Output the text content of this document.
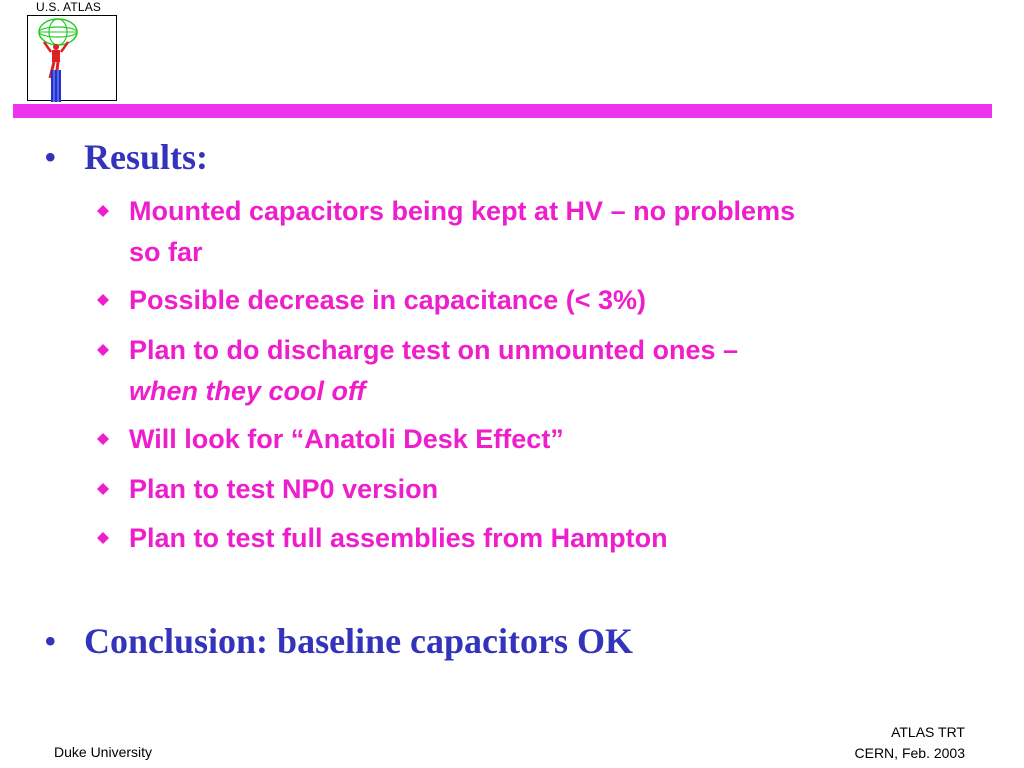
U.S. ATLAS
• Results:
Mounted capacitors being kept at HV – no problems so far
Possible decrease in capacitance (< 3%)
Plan to do discharge test on unmounted ones –
when they cool off
Will look for “Anatoli Desk Effect”
Plan to test NP0 version
Plan to test full assemblies from Hampton
• Conclusion: baseline capacitors OK
Duke University
ATLAS TRT
CERN, Feb. 2003
